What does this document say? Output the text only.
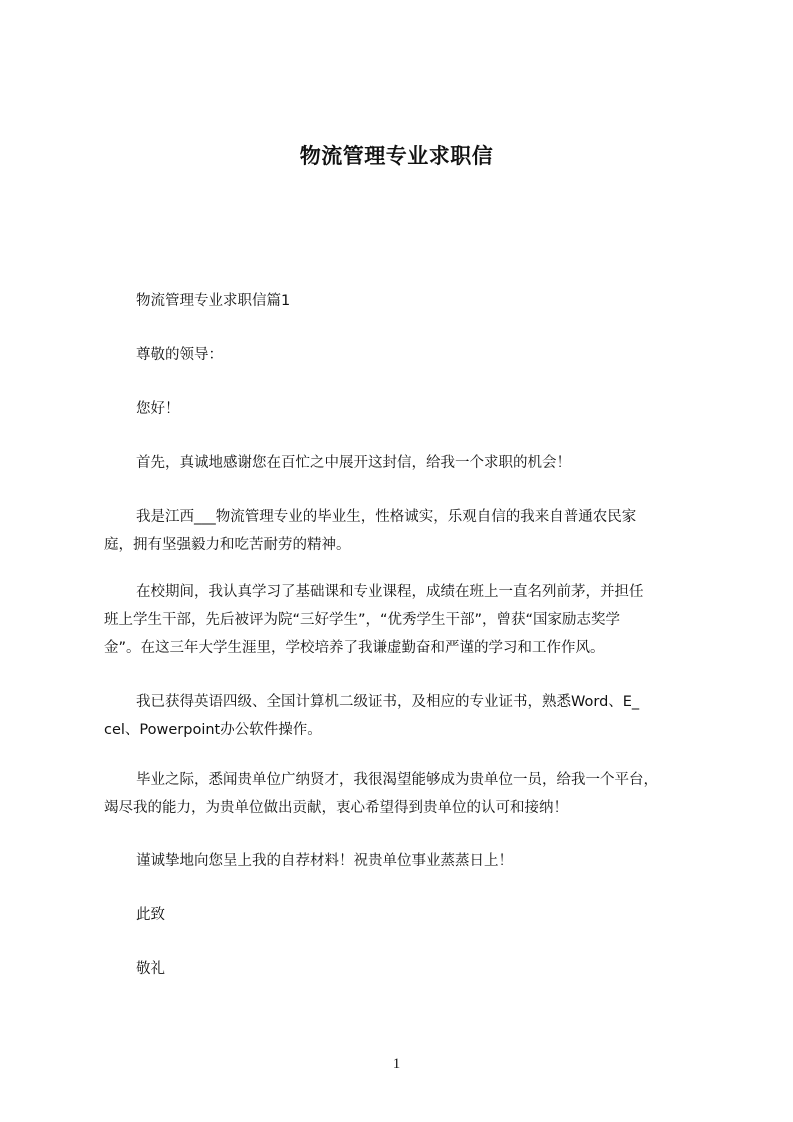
物流管理专业求职信
物流管理专业求职信篇1
尊敬的领导：
您好！
首先，真诚地感谢您在百忙之中展开这封信，给我一个求职的机会！

我是江西___物流管理专业的毕业生，性格诚实，乐观自信的我来自普通农民家

庭，拥有坚强毅力和吃苦耐劳的精神。

在校期间，我认真学习了基础课和专业课程，成绩在班上一直名列前茅，并担任

班上学生干部，先后被评为院“三好学生”，“优秀学生干部”，曾获“国家励志奖学

金”。在这三年大学生涯里，学校培养了我谦虚勤奋和严谨的学习和工作作风。

我已获得英语四级、全国计算机二级证书，及相应的专业证书，熟悉Word、E_

cel、Powerpoint办公软件操作。

毕业之际，悉闻贵单位广纳贤才，我很渴望能够成为贵单位一员，给我一个平台，

竭尽我的能力，为贵单位做出贡献，衷心希望得到贵单位的认可和接纳！

谨诚挚地向您呈上我的自荐材料！祝贵单位事业蒸蒸日上！
此致
敬礼
1
